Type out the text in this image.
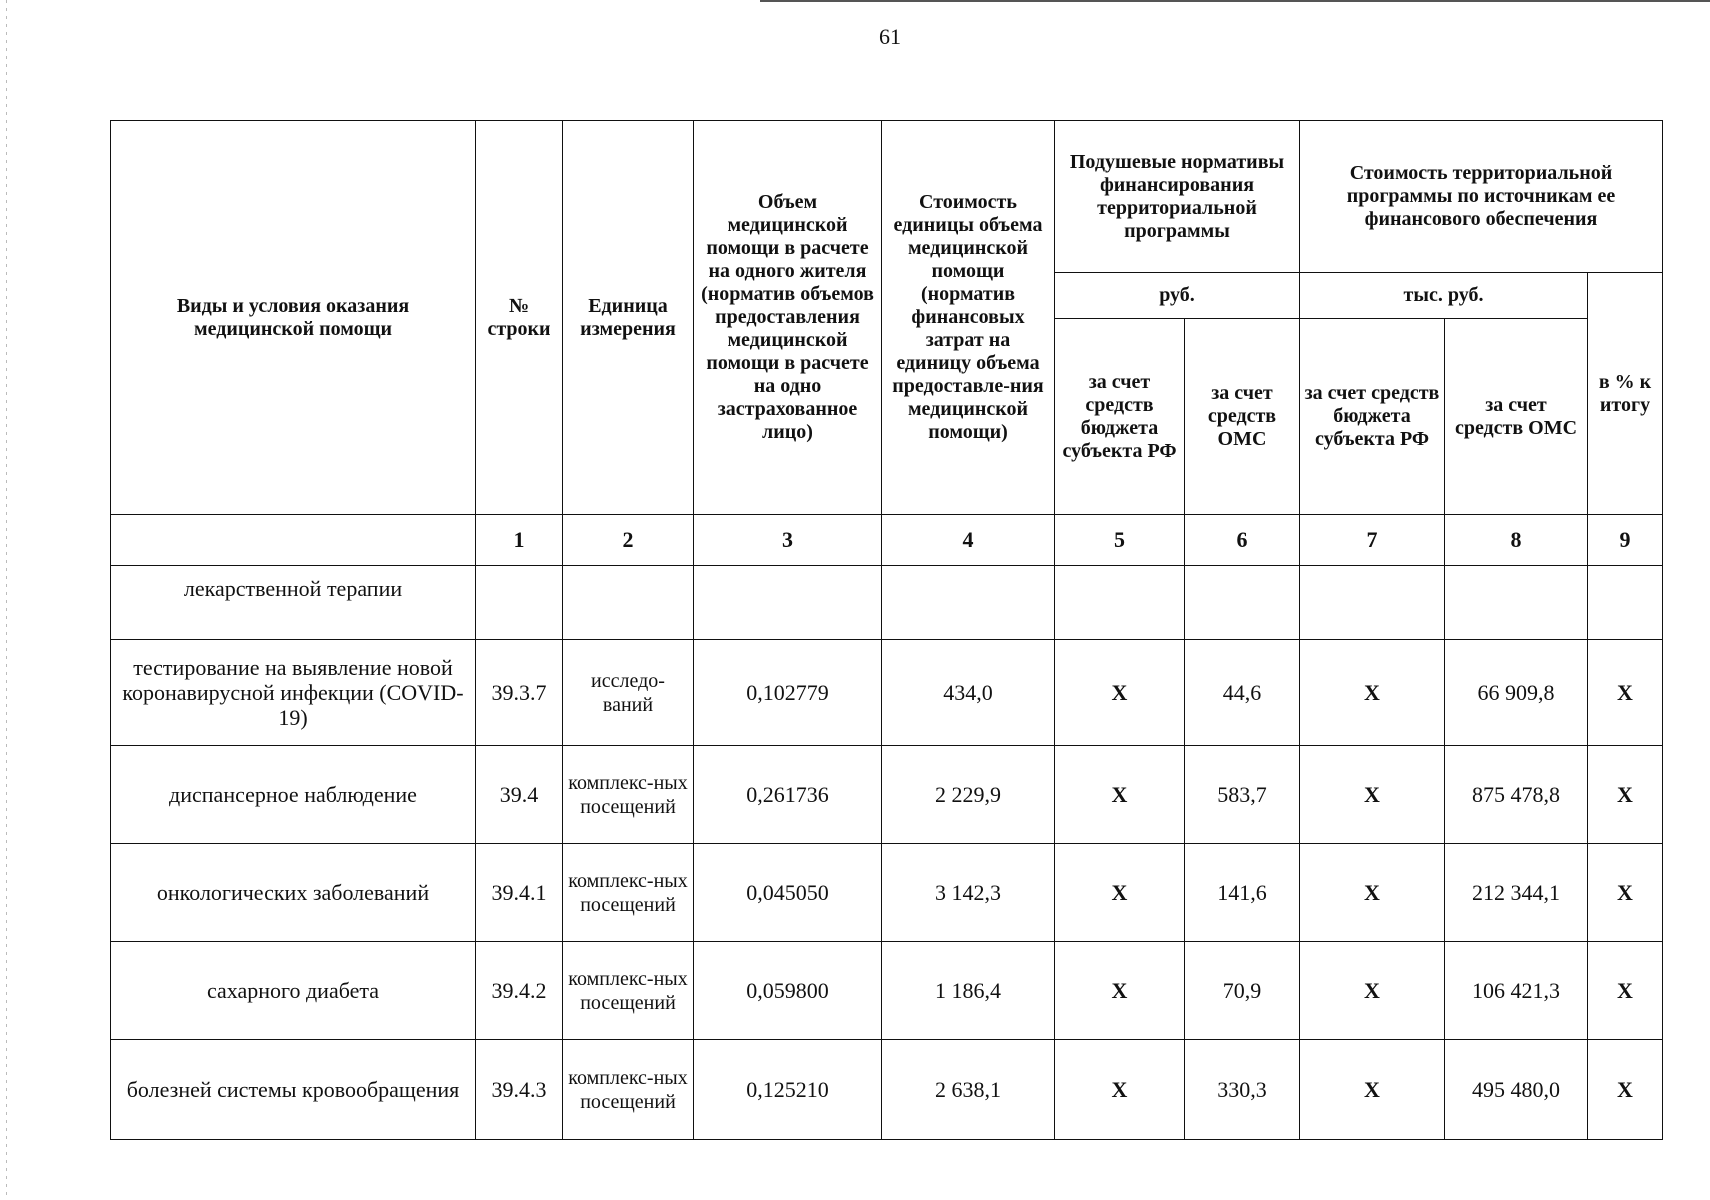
61
Виды и условия оказания медицинской помощи	№ строки	Единица измерения	Объем медицинской помощи в расчете на одного жителя (норматив объемов предоставления медицинской помощи в расчете на одно застрахованное лицо)	Стоимость единицы объема медицинской помощи (норматив финансовых затрат на единицу объема предоставле-ния медицинской помощи)	Подушевые нормативы финансирования территориальной программы		Стоимость территориальной программы по источникам ее финансового обеспечения		
					руб.		тыс. руб.		в % к итогу
					за счет средств бюджета субъекта РФ	за счет средств ОМС	за счет средств бюджета субъекта РФ	за счет средств ОМС	
	1	2	3	4	5	6	7	8	9
лекарственной терапии									
тестирование на выявление новой коронавирусной инфекции (COVID-19)	39.3.7	исследо-ваний	0,102779	434,0	X	44,6	X	66 909,8	X
диспансерное наблюдение	39.4	комплекс-ных посещений	0,261736	2 229,9	X	583,7	X	875 478,8	X
онкологических заболеваний	39.4.1	комплекс-ных посещений	0,045050	3 142,3	X	141,6	X	212 344,1	X
сахарного диабета	39.4.2	комплекс-ных посещений	0,059800	1 186,4	X	70,9	X	106 421,3	X
болезней системы кровообращения	39.4.3	комплекс-ных посещений	0,125210	2 638,1	X	330,3	X	495 480,0	X
